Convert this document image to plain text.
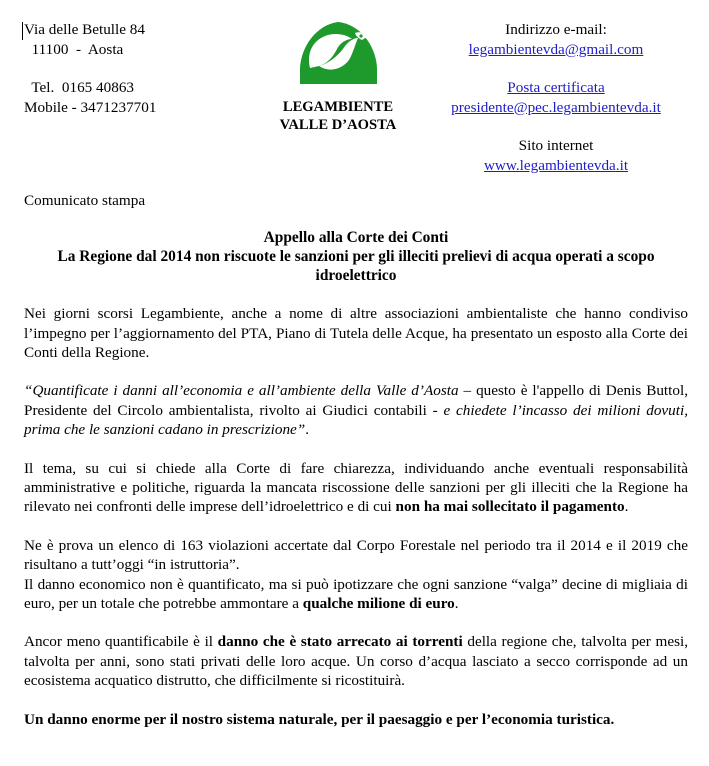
Via delle Betulle 84
11100  -  Aosta
Tel.  0165 40863
Mobile - 3471237701	LEGAMBIENTE
VALLE D’AOSTA
Indirizzo e-mail:
legambientevda@gmail.com
Posta certificata
presidente@pec.legambientevda.it
Sito internet
www.legambientevda.it

Comunicato stampa

Appello alla Corte dei Conti
La Regione dal 2014 non riscuote le sanzioni per gli illeciti prelievi di acqua operati a scopo idroelettrico

Nei giorni scorsi Legambiente, anche a nome di altre associazioni ambientaliste che hanno condiviso l’impegno per l’aggiornamento del PTA, Piano di Tutela delle Acque, ha presentato un esposto alla Corte dei Conti della Regione.

“Quantificate i danni all’economia e all’ambiente della Valle d’Aosta – questo è l'appello di Denis Buttol, Presidente del Circolo ambientalista, rivolto ai Giudici contabili - e chiedete l’incasso dei milioni dovuti, prima che le sanzioni cadano in prescrizione”.

Il tema, su cui si chiede alla Corte di fare chiarezza, individuando anche eventuali responsabilità amministrative e politiche, riguarda la mancata riscossione delle sanzioni per gli illeciti che la Regione ha rilevato nei confronti delle imprese dell’idroelettrico e di cui non ha mai sollecitato il pagamento.

Ne è prova un elenco di 163 violazioni accertate dal Corpo Forestale nel periodo tra il 2014 e il 2019 che risultano a tutt’oggi “in istruttoria”.
Il danno economico non è quantificato, ma si può ipotizzare che ogni sanzione “valga” decine di migliaia di euro, per un totale che potrebbe ammontare a qualche milione di euro.

Ancor meno quantificabile è il danno che è stato arrecato ai torrenti della regione che, talvolta per mesi, talvolta per anni, sono stati privati delle loro acque. Un corso d’acqua lasciato a secco corrisponde ad un ecosistema acquatico distrutto, che difficilmente si ricostituirà.

Un danno enorme per il nostro sistema naturale, per il paesaggio e per l’economia turistica.
